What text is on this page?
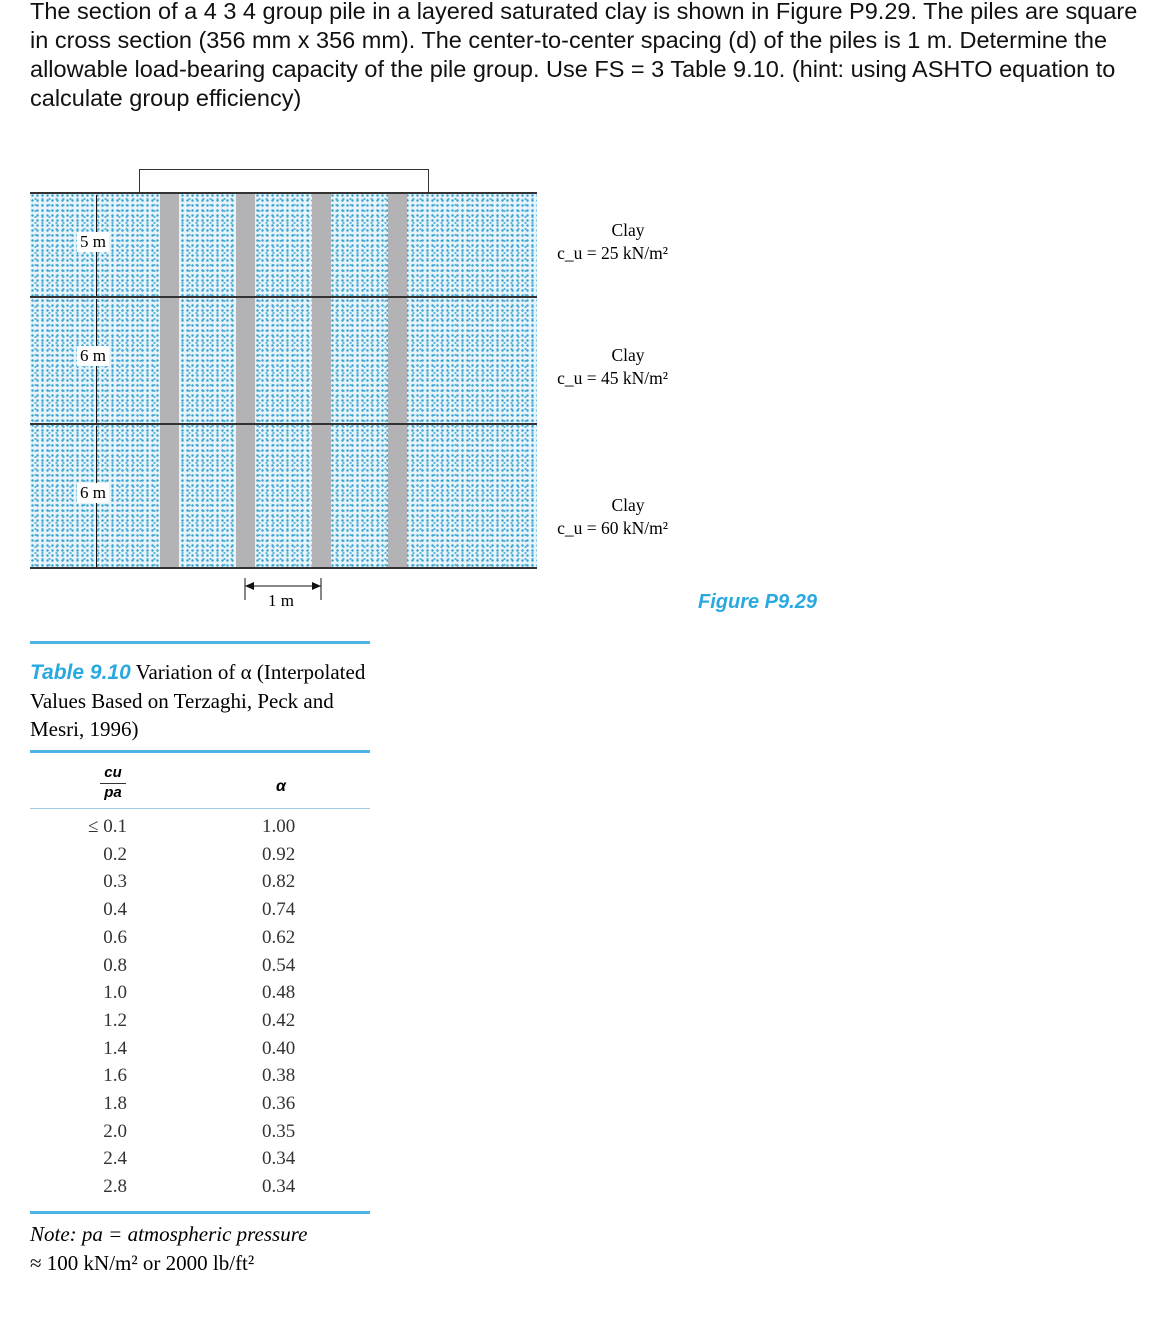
The section of a 4 3 4 group pile in a layered saturated clay is shown in Figure P9.29. The piles are square in cross section (356 mm x 356 mm). The center-to-center spacing (d) of the piles is 1 m. Determine the allowable load-bearing capacity of the pile group. Use FS = 3 Table 9.10. (hint: using ASHTO equation to calculate group efficiency)
5 m
6 m
6 m
Clay
c_u = 25 kN/m²
Clay
c_u = 45 kN/m²
Clay
c_u = 60 kN/m²
1 m	Figure P9.29
Table 9.10 Variation of α (Interpolated Values Based on Terzaghi, Peck and Mesri, 1996)
$\frac{cu}{pa}$	α
≤ 0.1	1.00
0.2	0.92
0.3	0.82
0.4	0.74
0.6	0.62
0.8	0.54
1.0	0.48
1.2	0.42
1.4	0.40
1.6	0.38
1.8	0.36
2.0	0.35
2.4	0.34
2.8	0.34
Note: pa = atmospheric pressure
≈ 100 kN/m² or 2000 lb/ft²
